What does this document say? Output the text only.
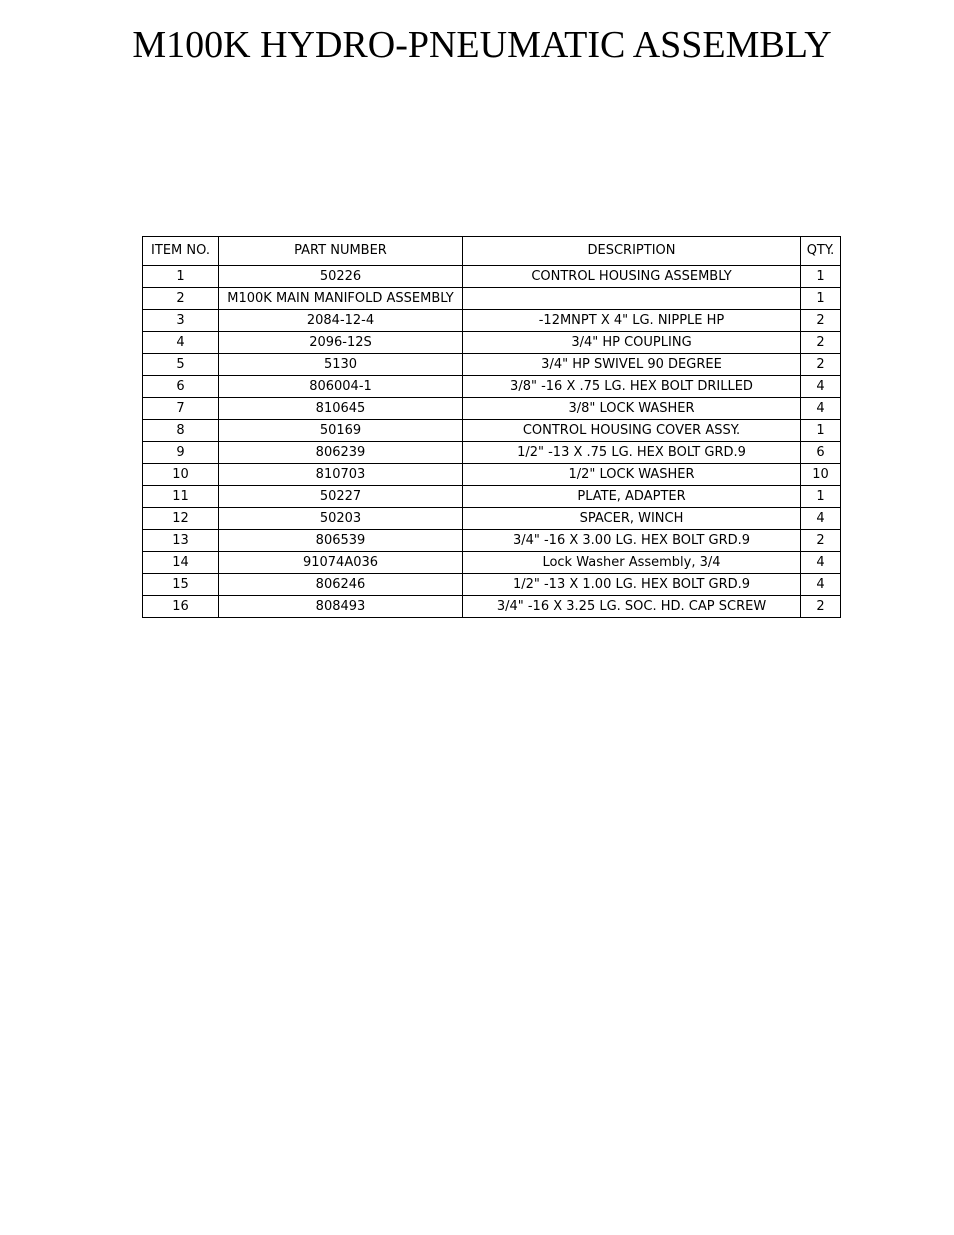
M100K HYDRO-PNEUMATIC ASSEMBLY
ITEM NO.	PART NUMBER	DESCRIPTION	QTY.
1	50226	CONTROL HOUSING ASSEMBLY	1
2	M100K MAIN MANIFOLD ASSEMBLY		1
3	2084-12-4	-12MNPT X 4" LG. NIPPLE HP	2
4	2096-12S	3/4" HP COUPLING	2
5	5130	3/4" HP SWIVEL 90 DEGREE	2
6	806004-1	3/8" -16 X .75 LG. HEX BOLT DRILLED	4
7	810645	3/8" LOCK WASHER	4
8	50169	CONTROL HOUSING COVER ASSY.	1
9	806239	1/2" -13 X .75 LG. HEX BOLT GRD.9	6
10	810703	1/2" LOCK WASHER	10
11	50227	PLATE, ADAPTER	1
12	50203	SPACER, WINCH	4
13	806539	3/4" -16 X 3.00 LG. HEX BOLT GRD.9	2
14	91074A036	Lock Washer Assembly, 3/4	4
15	806246	1/2" -13 X 1.00 LG. HEX BOLT GRD.9	4
16	808493	3/4" -16 X 3.25 LG. SOC. HD. CAP SCREW	2
